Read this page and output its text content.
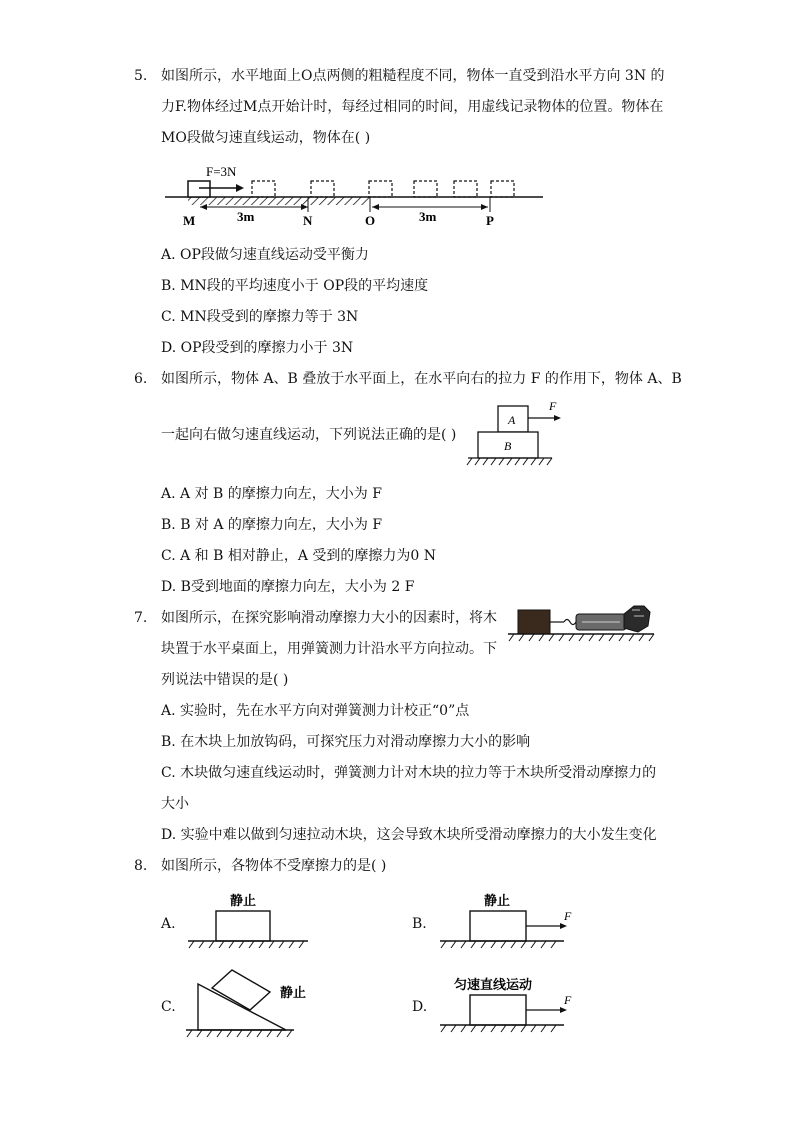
5. 如图所示，水平地面上O点两侧的粗糙程度不同，物体一直受到沿水平方向 3N 的
力F.物体经过M点开始计时，每经过相同的时间，用虚线记录物体的位置。物体在
MO段做匀速直线运动，物体在( )
F=3N
3m	3m
M	N	O	P
A. OP段做匀速直线运动受平衡力
B. MN段的平均速度小于 OP段的平均速度
C. MN段受到的摩擦力等于 3N
D. OP段受到的摩擦力小于 3N
6. 如图所示，物体 A、B 叠放于水平面上，在水平向右的拉力 F 的作用下，物体 A、B
一起向右做匀速直线运动，下列说法正确的是( )
A
B
F
A. A 对 B 的摩擦力向左，大小为 F
B. B 对 A 的摩擦力向左，大小为 F
C. A 和 B 相对静止，A 受到的摩擦力为0 N
D. B受到地面的摩擦力向左，大小为 2 F
7. 如图所示，在探究影响滑动摩擦力大小的因素时，将木
块置于水平桌面上，用弹簧测力计沿水平方向拉动。下
列说法中错误的是( )
A. 实验时，先在水平方向对弹簧测力计校正“0”点
B. 在木块上加放钩码，可探究压力对滑动摩擦力大小的影响
C. 木块做匀速直线运动时，弹簧测力计对木块的拉力等于木块所受滑动摩擦力的
大小
D. 实验中难以做到匀速拉动木块，这会导致木块所受滑动摩擦力的大小发生变化
8. 如图所示，各物体不受摩擦力的是( )
A.
静止
B.
静止
F
C.
静止
D.
匀速直线运动
F
